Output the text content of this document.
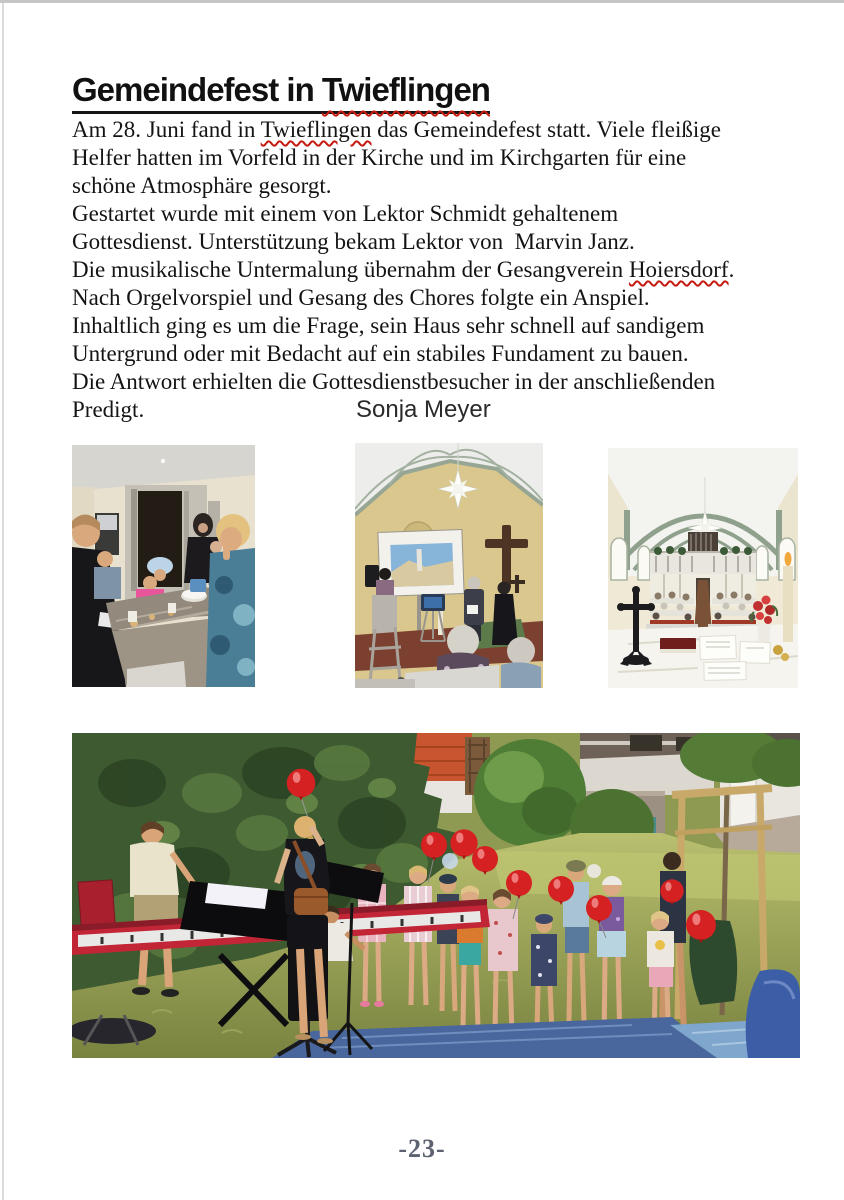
Gemeindefest in Twieflingen
Am 28. Juni fand in Twieflingen das Gemeindefest statt. Viele fleißige
Helfer hatten im Vorfeld in der Kirche und im Kirchgarten für eine
schöne Atmosphäre gesorgt.
Gestartet wurde mit einem von Lektor Schmidt gehaltenem
Gottesdienst. Unterstützung bekam Lektor von  Marvin Janz.
Die musikalische Untermalung übernahm der Gesangverein Hoiersdorf.
Nach Orgelvorspiel und Gesang des Chores folgte ein Anspiel.
Inhaltlich ging es um die Frage, sein Haus sehr schnell auf sandigem
Untergrund oder mit Bedacht auf ein stabiles Fundament zu bauen.
Die Antwort erhielten die Gottesdienstbesucher in der anschließenden
Predigt.	Sonja Meyer
-23-
